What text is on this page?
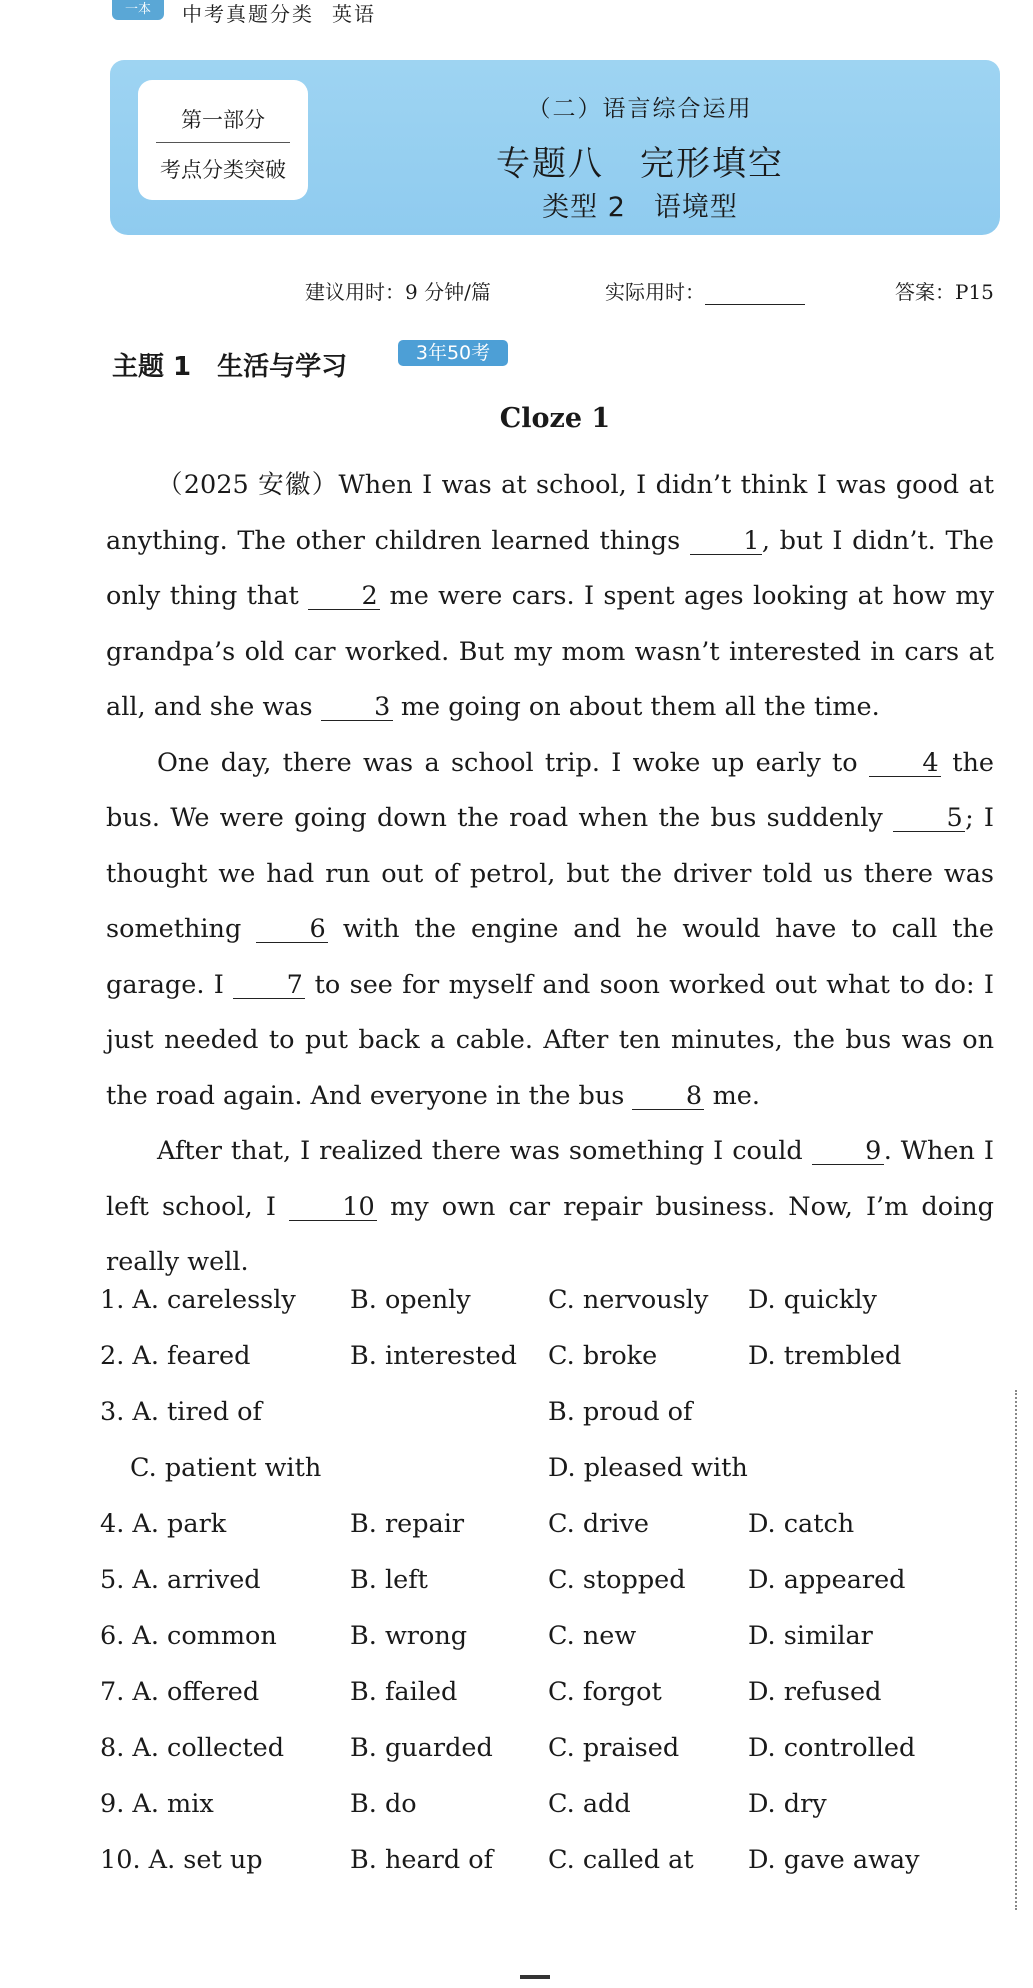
一本	中考真题分类 英语
第一部分
考点分类突破
（二）语言综合运用
专题八　完形填空
类型 2　语境型
建议用时：9 分钟/篇	实际用时：	答案：P15
主题 1 生活与学习	3年50考
Cloze 1

（2025 安徽）When I was at school, I didn’t think I was good at anything. The other children learned things 1, but I didn’t. The only thing that 2 me were cars. I spent ages looking at how my grandpa’s old car worked. But my mom wasn’t interested in cars at all, and she was 3 me going on about them all the time.

One day, there was a school trip. I woke up early to 4 the bus. We were going down the road when the bus suddenly 5; I thought we had run out of petrol, but the driver told us there was something 6 with the engine and he would have to call the garage. I 7 to see for myself and soon worked out what to do: I just needed to put back a cable. After ten minutes, the bus was on the road again. And everyone in the bus 8 me.

After that, I realized there was something I could 9. When I left school, I 10 my own car repair business. Now, I’m doing really well.

1. A. carelessly B. openly	C. nervously D. quickly
2. A. feared	B. interested C. broke	D. trembled
3. A. tired of	B. proud of
C. patient with	D. pleased with
4. A. park	B. repair	C. drive	D. catch
5. A. arrived	B. left	C. stopped D. appeared
6. A. common	B. wrong	C. new	D. similar
7. A. offered	B. failed	C. forgot	D. refused
8. A. collected	B. guarded C. praised	D. controlled
9. A. mix	B. do	C. add	D. dry
10. A. set up	B. heard of C. called at D. gave away
